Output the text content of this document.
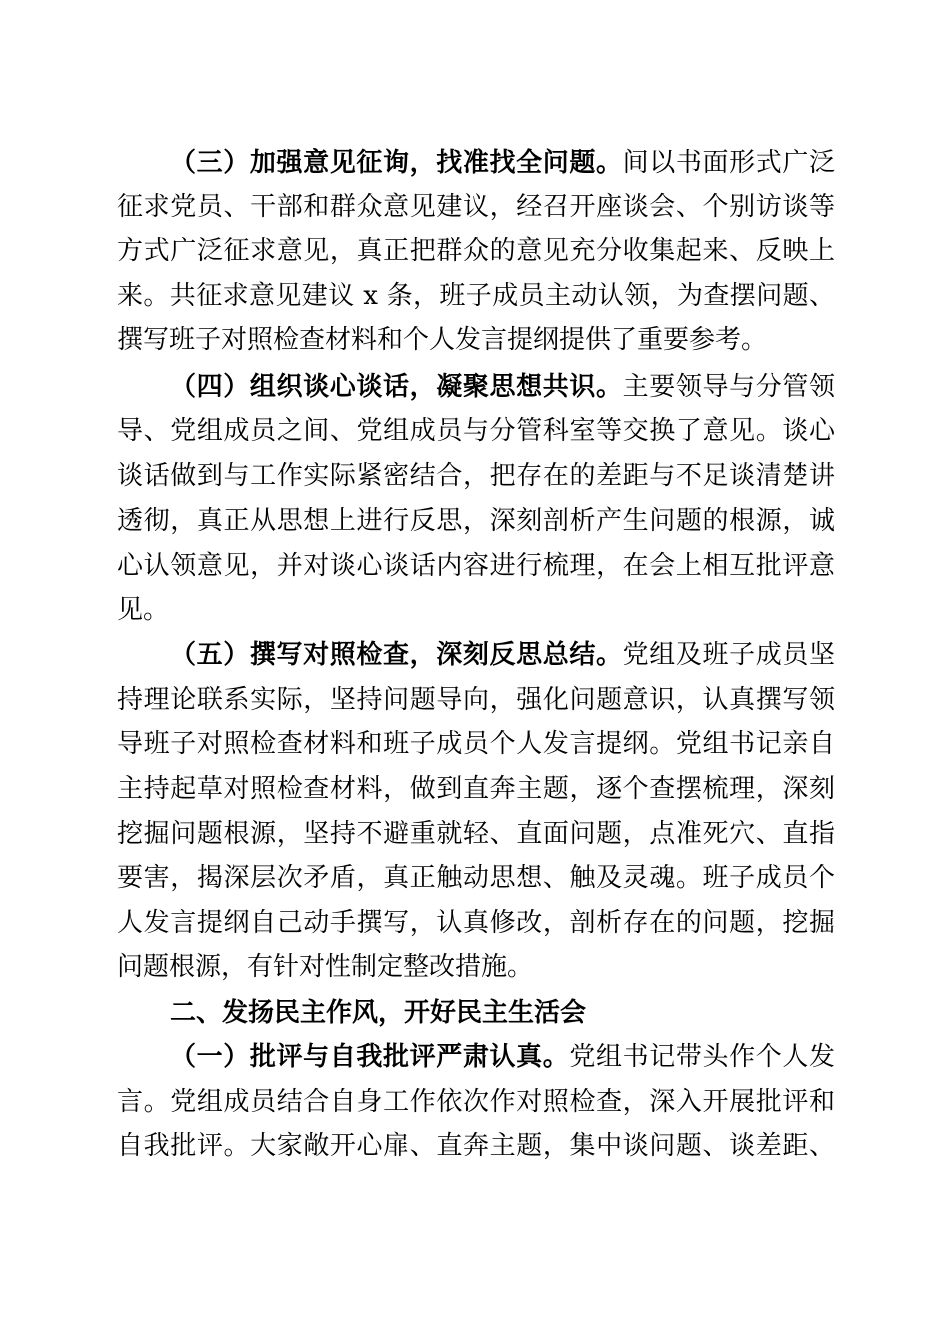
（三）加强意见征询，找准找全问题。间以书面形式广泛
征求党员、干部和群众意见建议，经召开座谈会、个别访谈等
方式广泛征求意见，真正把群众的意见充分收集起来、反映上
来。共征求意见建议 x 条，班子成员主动认领，为查摆问题、
撰写班子对照检查材料和个人发言提纲提供了重要参考。
（四）组织谈心谈话，凝聚思想共识。主要领导与分管领
导、党组成员之间、党组成员与分管科室等交换了意见。谈心
谈话做到与工作实际紧密结合，把存在的差距与不足谈清楚讲
透彻，真正从思想上进行反思，深刻剖析产生问题的根源，诚
心认领意见，并对谈心谈话内容进行梳理，在会上相互批评意
见。
（五）撰写对照检查，深刻反思总结。党组及班子成员坚
持理论联系实际，坚持问题导向，强化问题意识，认真撰写领
导班子对照检查材料和班子成员个人发言提纲。党组书记亲自
主持起草对照检查材料，做到直奔主题，逐个查摆梳理，深刻
挖掘问题根源，坚持不避重就轻、直面问题，点准死穴、直指
要害，揭深层次矛盾，真正触动思想、触及灵魂。班子成员个
人发言提纲自己动手撰写，认真修改，剖析存在的问题，挖掘
问题根源，有针对性制定整改措施。
二、发扬民主作风，开好民主生活会
（一）批评与自我批评严肃认真。党组书记带头作个人发
言。党组成员结合自身工作依次作对照检查，深入开展批评和
自我批评。大家敞开心扉、直奔主题，集中谈问题、谈差距、
